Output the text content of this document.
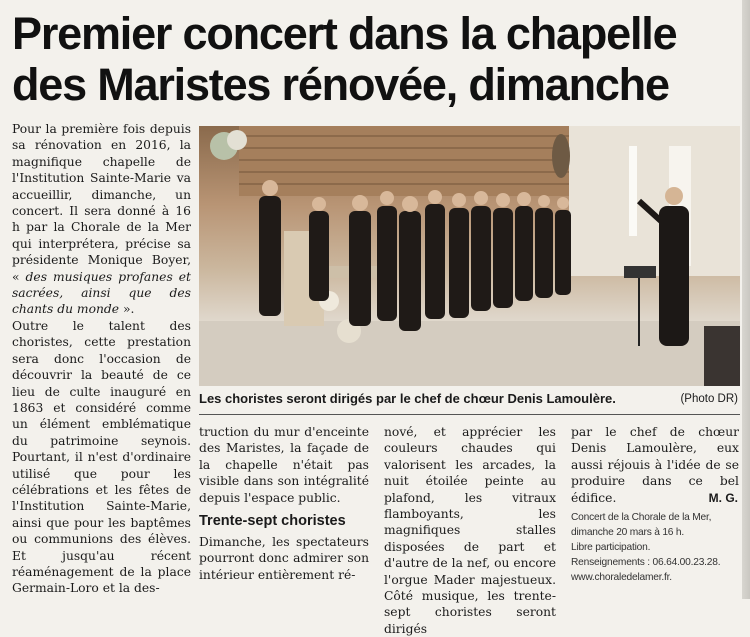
Premier concert dans la chapelle
des Maristes rénovée, dimanche

Pour la première fois depuis sa rénovation en 2016, la magnifique chapelle de l'Institution Sainte-Marie va accueillir, dimanche, un concert. Il sera donné à 16 h par la Chorale de la Mer qui interprétera, précise sa présidente Monique Boyer, « des musiques profanes et sacrées, ainsi que des chants du monde ».

Outre le talent des choristes, cette prestation sera donc l'occasion de découvrir la beauté de ce lieu de culte inauguré en 1863 et considéré comme un élément emblématique du patrimoine seynois. Pourtant, il n'est d'ordinaire utilisé que pour les célébrations et les fêtes de l'Institution Sainte-Marie, ainsi que pour les baptêmes ou communions des élèves. Et jusqu'au récent réaménagement de la place Germain-Loro et la des-

Les choristes seront dirigés par le chef de chœur Denis Lamoulère.	(Photo DR)

truction du mur d'enceinte des Maristes, la façade de la chapelle n'était pas visible dans son intégralité depuis l'espace public.

Trente-sept choristes

Dimanche, les spectateurs pourront donc admirer son intérieur entièrement ré-

nové, et apprécier les couleurs chaudes qui valorisent les arcades, la nuit étoilée peinte au plafond, les vitraux flamboyants, les magnifiques stalles disposées de part et d'autre de la nef, ou encore l'orgue Mader majestueux. Côté musique, les trente-sept choristes seront dirigés

par le chef de chœur Denis Lamoulère, eux aussi réjouis à l'idée de se produire dans ce bel édifice.	M. G.
Concert de la Chorale de la Mer,
dimanche 20 mars à 16 h.
Libre participation.
Renseignements : 06.64.00.23.28.
www.choraledelamer.fr.
